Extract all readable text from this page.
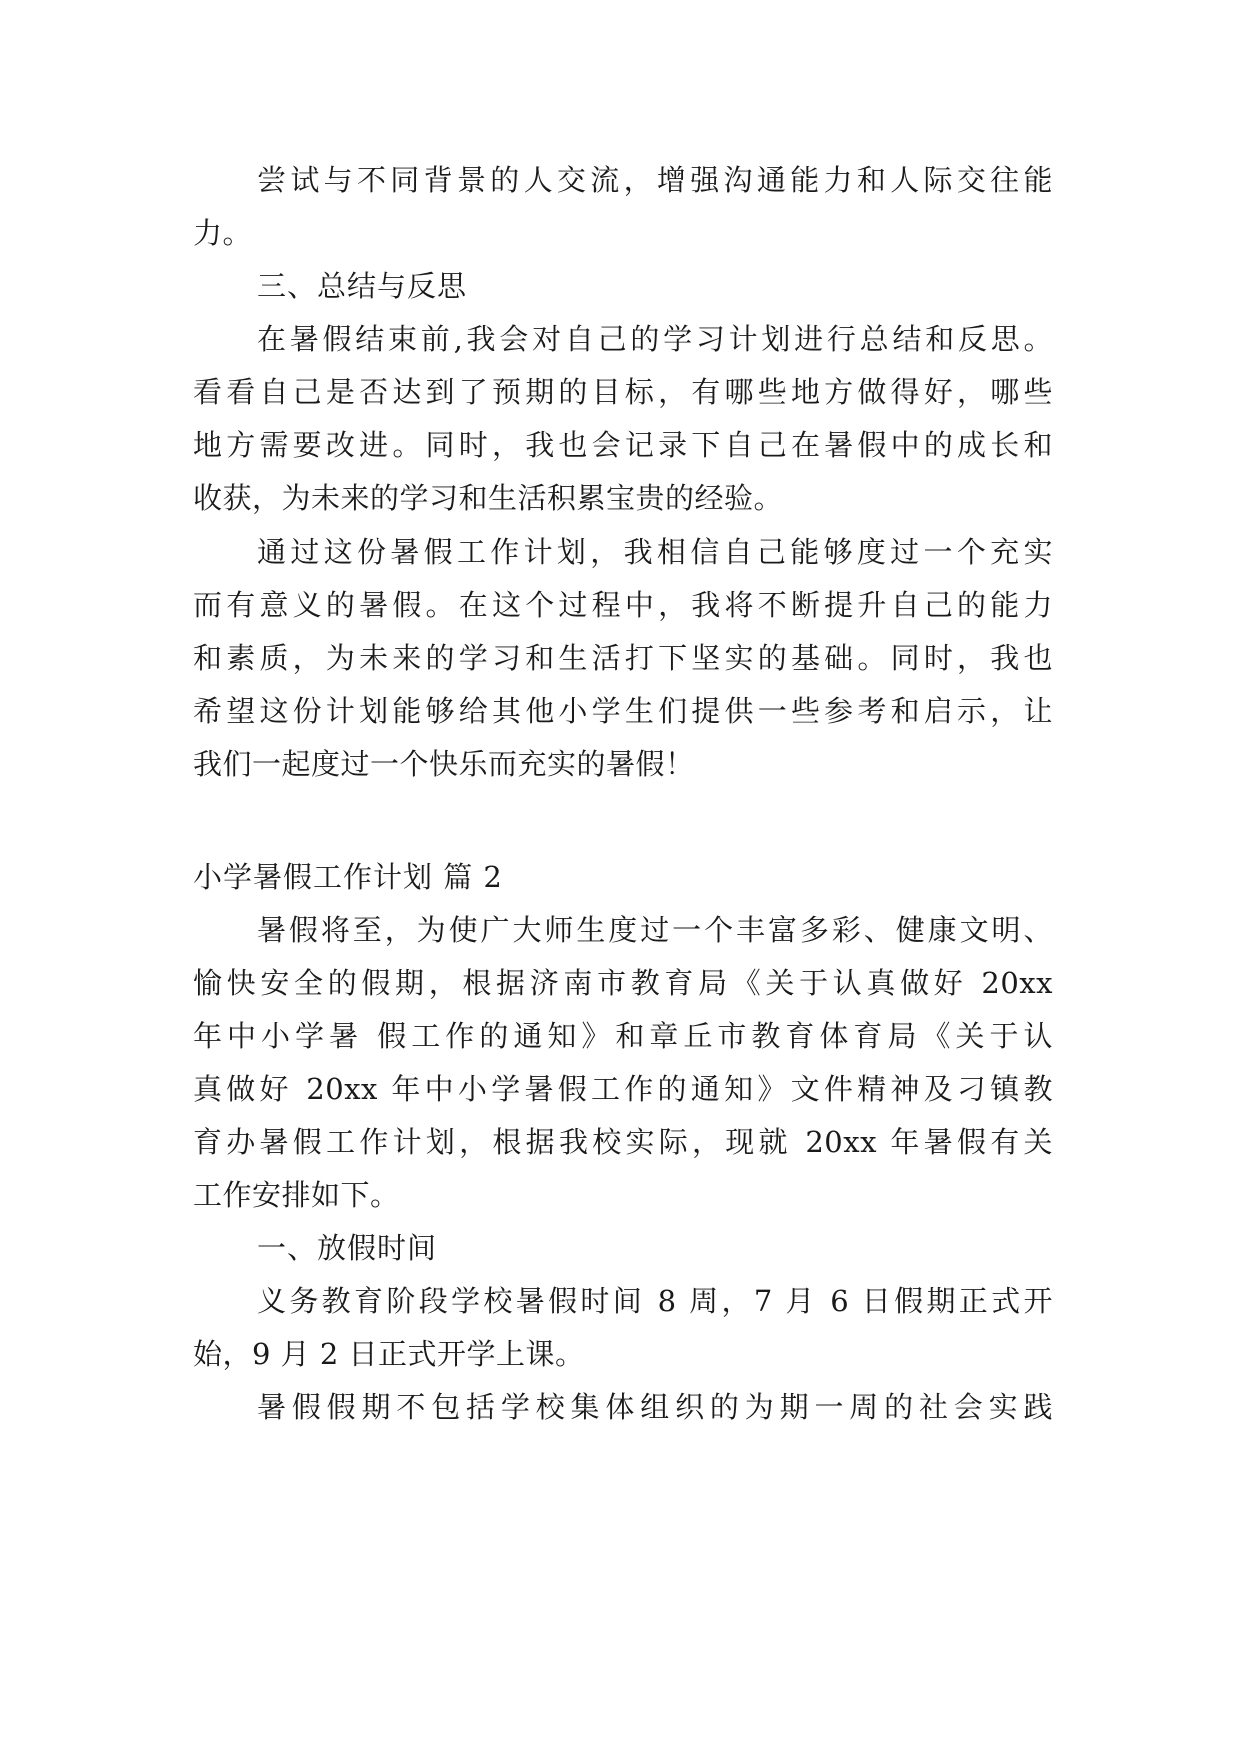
尝试与不同背景的人交流，增强沟通能力和人际交往能
力。
三、总结与反思
在暑假结束前,我会对自己的学习计划进行总结和反思。
看看自己是否达到了预期的目标，有哪些地方做得好，哪些
地方需要改进。同时，我也会记录下自己在暑假中的成长和
收获，为未来的学习和生活积累宝贵的经验。
通过这份暑假工作计划，我相信自己能够度过一个充实
而有意义的暑假。在这个过程中，我将不断提升自己的能力
和素质，为未来的学习和生活打下坚实的基础。同时，我也
希望这份计划能够给其他小学生们提供一些参考和启示，让
我们一起度过一个快乐而充实的暑假！
小学暑假工作计划 篇 2
暑假将至，为使广大师生度过一个丰富多彩、健康文明、
愉快安全的假期，根据济南市教育局《关于认真做好 20xx
年中小学暑 假工作的通知》和章丘市教育体育局《关于认
真做好 20xx 年中小学暑假工作的通知》文件精神及刁镇教
育办暑假工作计划，根据我校实际，现就 20xx 年暑假有关
工作安排如下。
一、放假时间
义务教育阶段学校暑假时间 8 周，7 月 6 日假期正式开
始，9 月 2 日正式开学上课。
暑假假期不包括学校集体组织的为期一周的社会实践
